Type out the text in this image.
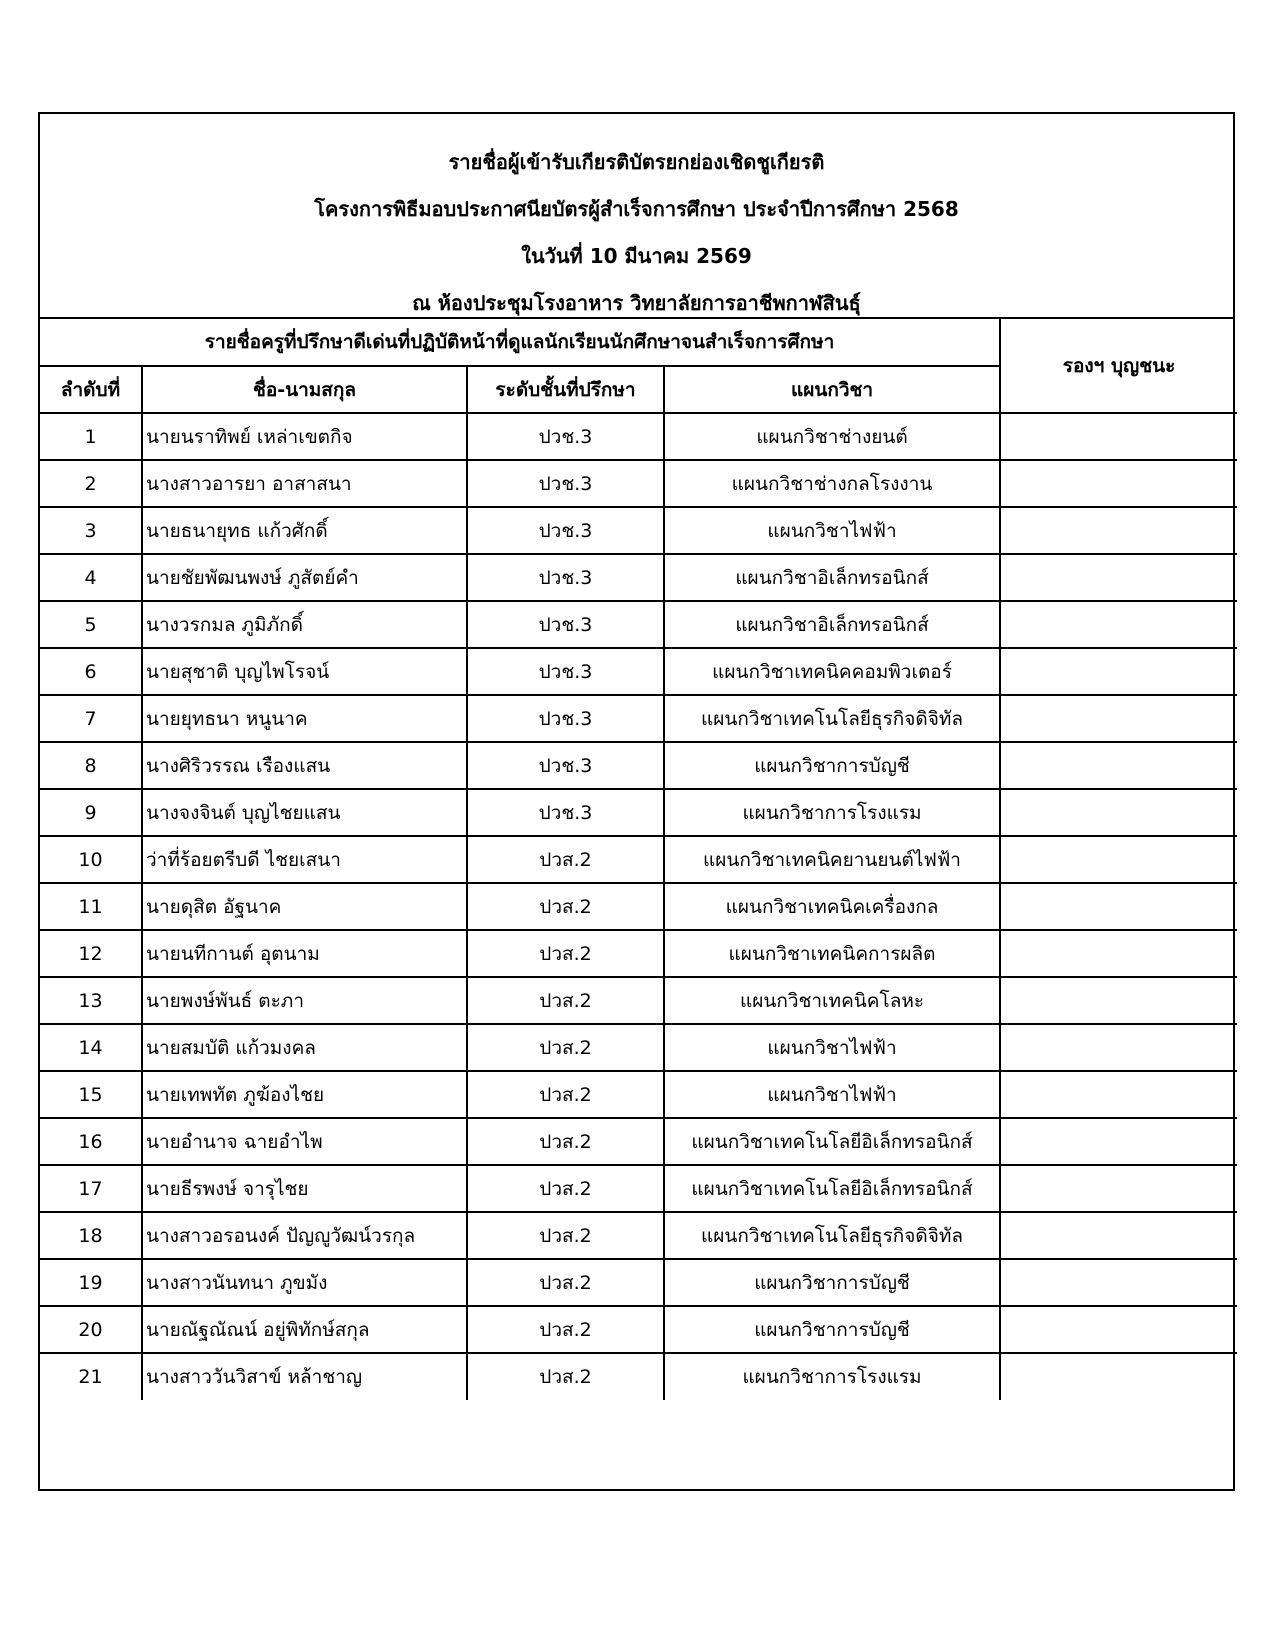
รายชื่อผู้เข้ารับเกียรติบัตรยกย่องเชิดชูเกียรติ
โครงการพิธีมอบประกาศนียบัตรผู้สำเร็จการศึกษา ประจำปีการศึกษา 2568
ในวันที่ 10 มีนาคม 2569
ณ ห้องประชุมโรงอาหาร วิทยาลัยการอาชีพกาฬสินธุ์
รายชื่อครูที่ปรึกษาดีเด่นที่ปฏิบัติหน้าที่ดูแลนักเรียนนักศึกษาจนสำเร็จการศึกษา				รองฯ บุญชนะ
ลำดับที่	ชื่อ-นามสกุล	ระดับชั้นที่ปรึกษา	แผนกวิชา	
1	นายนราทิพย์ เหล่าเขตกิจ	ปวช.3	แผนกวิชาช่างยนต์	
2	นางสาวอารยา อาสาสนา	ปวช.3	แผนกวิชาช่างกลโรงงาน	
3	นายธนายุทธ แก้วศักดิ์	ปวช.3	แผนกวิชาไฟฟ้า	
4	นายชัยพัฒนพงษ์ ภูสัตย์คำ	ปวช.3	แผนกวิชาอิเล็กทรอนิกส์	
5	นางวรกมล ภูมิภักดิ์	ปวช.3	แผนกวิชาอิเล็กทรอนิกส์	
6	นายสุชาติ บุญไพโรจน์	ปวช.3	แผนกวิชาเทคนิคคอมพิวเตอร์	
7	นายยุทธนา หนูนาค	ปวช.3	แผนกวิชาเทคโนโลยีธุรกิจดิจิทัล	
8	นางศิริวรรณ เรืองแสน	ปวช.3	แผนกวิชาการบัญชี	
9	นางจงจินต์ บุญไชยแสน	ปวช.3	แผนกวิชาการโรงแรม	
10	ว่าที่ร้อยตรีบดี ไชยเสนา	ปวส.2	แผนกวิชาเทคนิคยานยนต์ไฟฟ้า	
11	นายดุสิต อัฐนาค	ปวส.2	แผนกวิชาเทคนิคเครื่องกล	
12	นายนทีกานต์ อุตนาม	ปวส.2	แผนกวิชาเทคนิคการผลิต	
13	นายพงษ์พันธ์ ตะภา	ปวส.2	แผนกวิชาเทคนิคโลหะ	
14	นายสมบัติ แก้วมงคล	ปวส.2	แผนกวิชาไฟฟ้า	
15	นายเทพทัต ภูฆ้องไชย	ปวส.2	แผนกวิชาไฟฟ้า	
16	นายอำนาจ ฉายอำไพ	ปวส.2	แผนกวิชาเทคโนโลยีอิเล็กทรอนิกส์	
17	นายธีรพงษ์ จารุไชย	ปวส.2	แผนกวิชาเทคโนโลยีอิเล็กทรอนิกส์	
18	นางสาวอรอนงค์ ปัญญูวัฒน์วรกุล	ปวส.2	แผนกวิชาเทคโนโลยีธุรกิจดิจิทัล	
19	นางสาวนันทนา ภูขมัง	ปวส.2	แผนกวิชาการบัญชี	
20	นายณัฐณัณน์ อยู่พิทักษ์สกุล	ปวส.2	แผนกวิชาการบัญชี	
21	นางสาววันวิสาข์ หล้าชาญ	ปวส.2	แผนกวิชาการโรงแรม	
